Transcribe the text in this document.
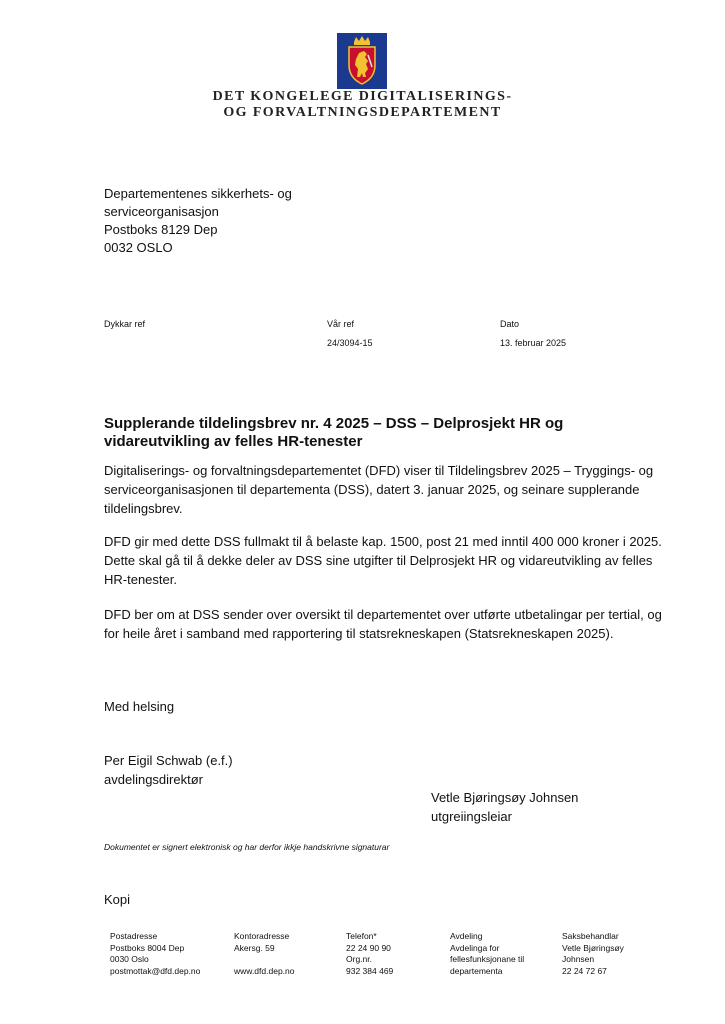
DET KONGELEGE DIGITALISERINGS-
OG FORVALTNINGSDEPARTEMENT
Departementenes sikkerhets- og
serviceorganisasjon
Postboks 8129 Dep
0032 OSLO
Dykkar ref	Vår ref
24/3094-15
Dato
13. februar 2025
Supplerande tildelingsbrev nr. 4 2025 – DSS – Delprosjekt HR og vidareutvikling av felles HR-tenester

Digitaliserings- og forvaltningsdepartementet (DFD) viser til Tildelingsbrev 2025 – Tryggings- og serviceorganisasjonen til departementa (DSS), datert 3. januar 2025, og seinare supplerande tildelingsbrev.

DFD gir med dette DSS fullmakt til å belaste kap. 1500, post 21 med inntil 400 000 kroner i 2025. Dette skal gå til å dekke deler av DSS sine utgifter til Delprosjekt HR og vidareutvikling av felles HR-tenester.

DFD ber om at DSS sender over oversikt til departementet over utførte utbetalingar per tertial, og for heile året i samband med rapportering til statsrekneskapen (Statsrekneskapen 2025).

Med helsing

Per Eigil Schwab (e.f.)
avdelingsdirektør
Vetle Bjøringsøy Johnsen
utgreiingsleiar
Dokumentet er signert elektronisk og har derfor ikkje handskrivne signaturar
Kopi
Postadresse
Postboks 8004 Dep
0030 Oslo
postmottak@dfd.dep.no
Kontoradresse
Akersg. 59

www.dfd.dep.no
Telefon*
22 24 90 90
Org.nr.
932 384 469
Avdeling
Avdelinga for
fellesfunksjonane til
departementa
Saksbehandlar
Vetle Bjøringsøy
Johnsen
22 24 72 67
